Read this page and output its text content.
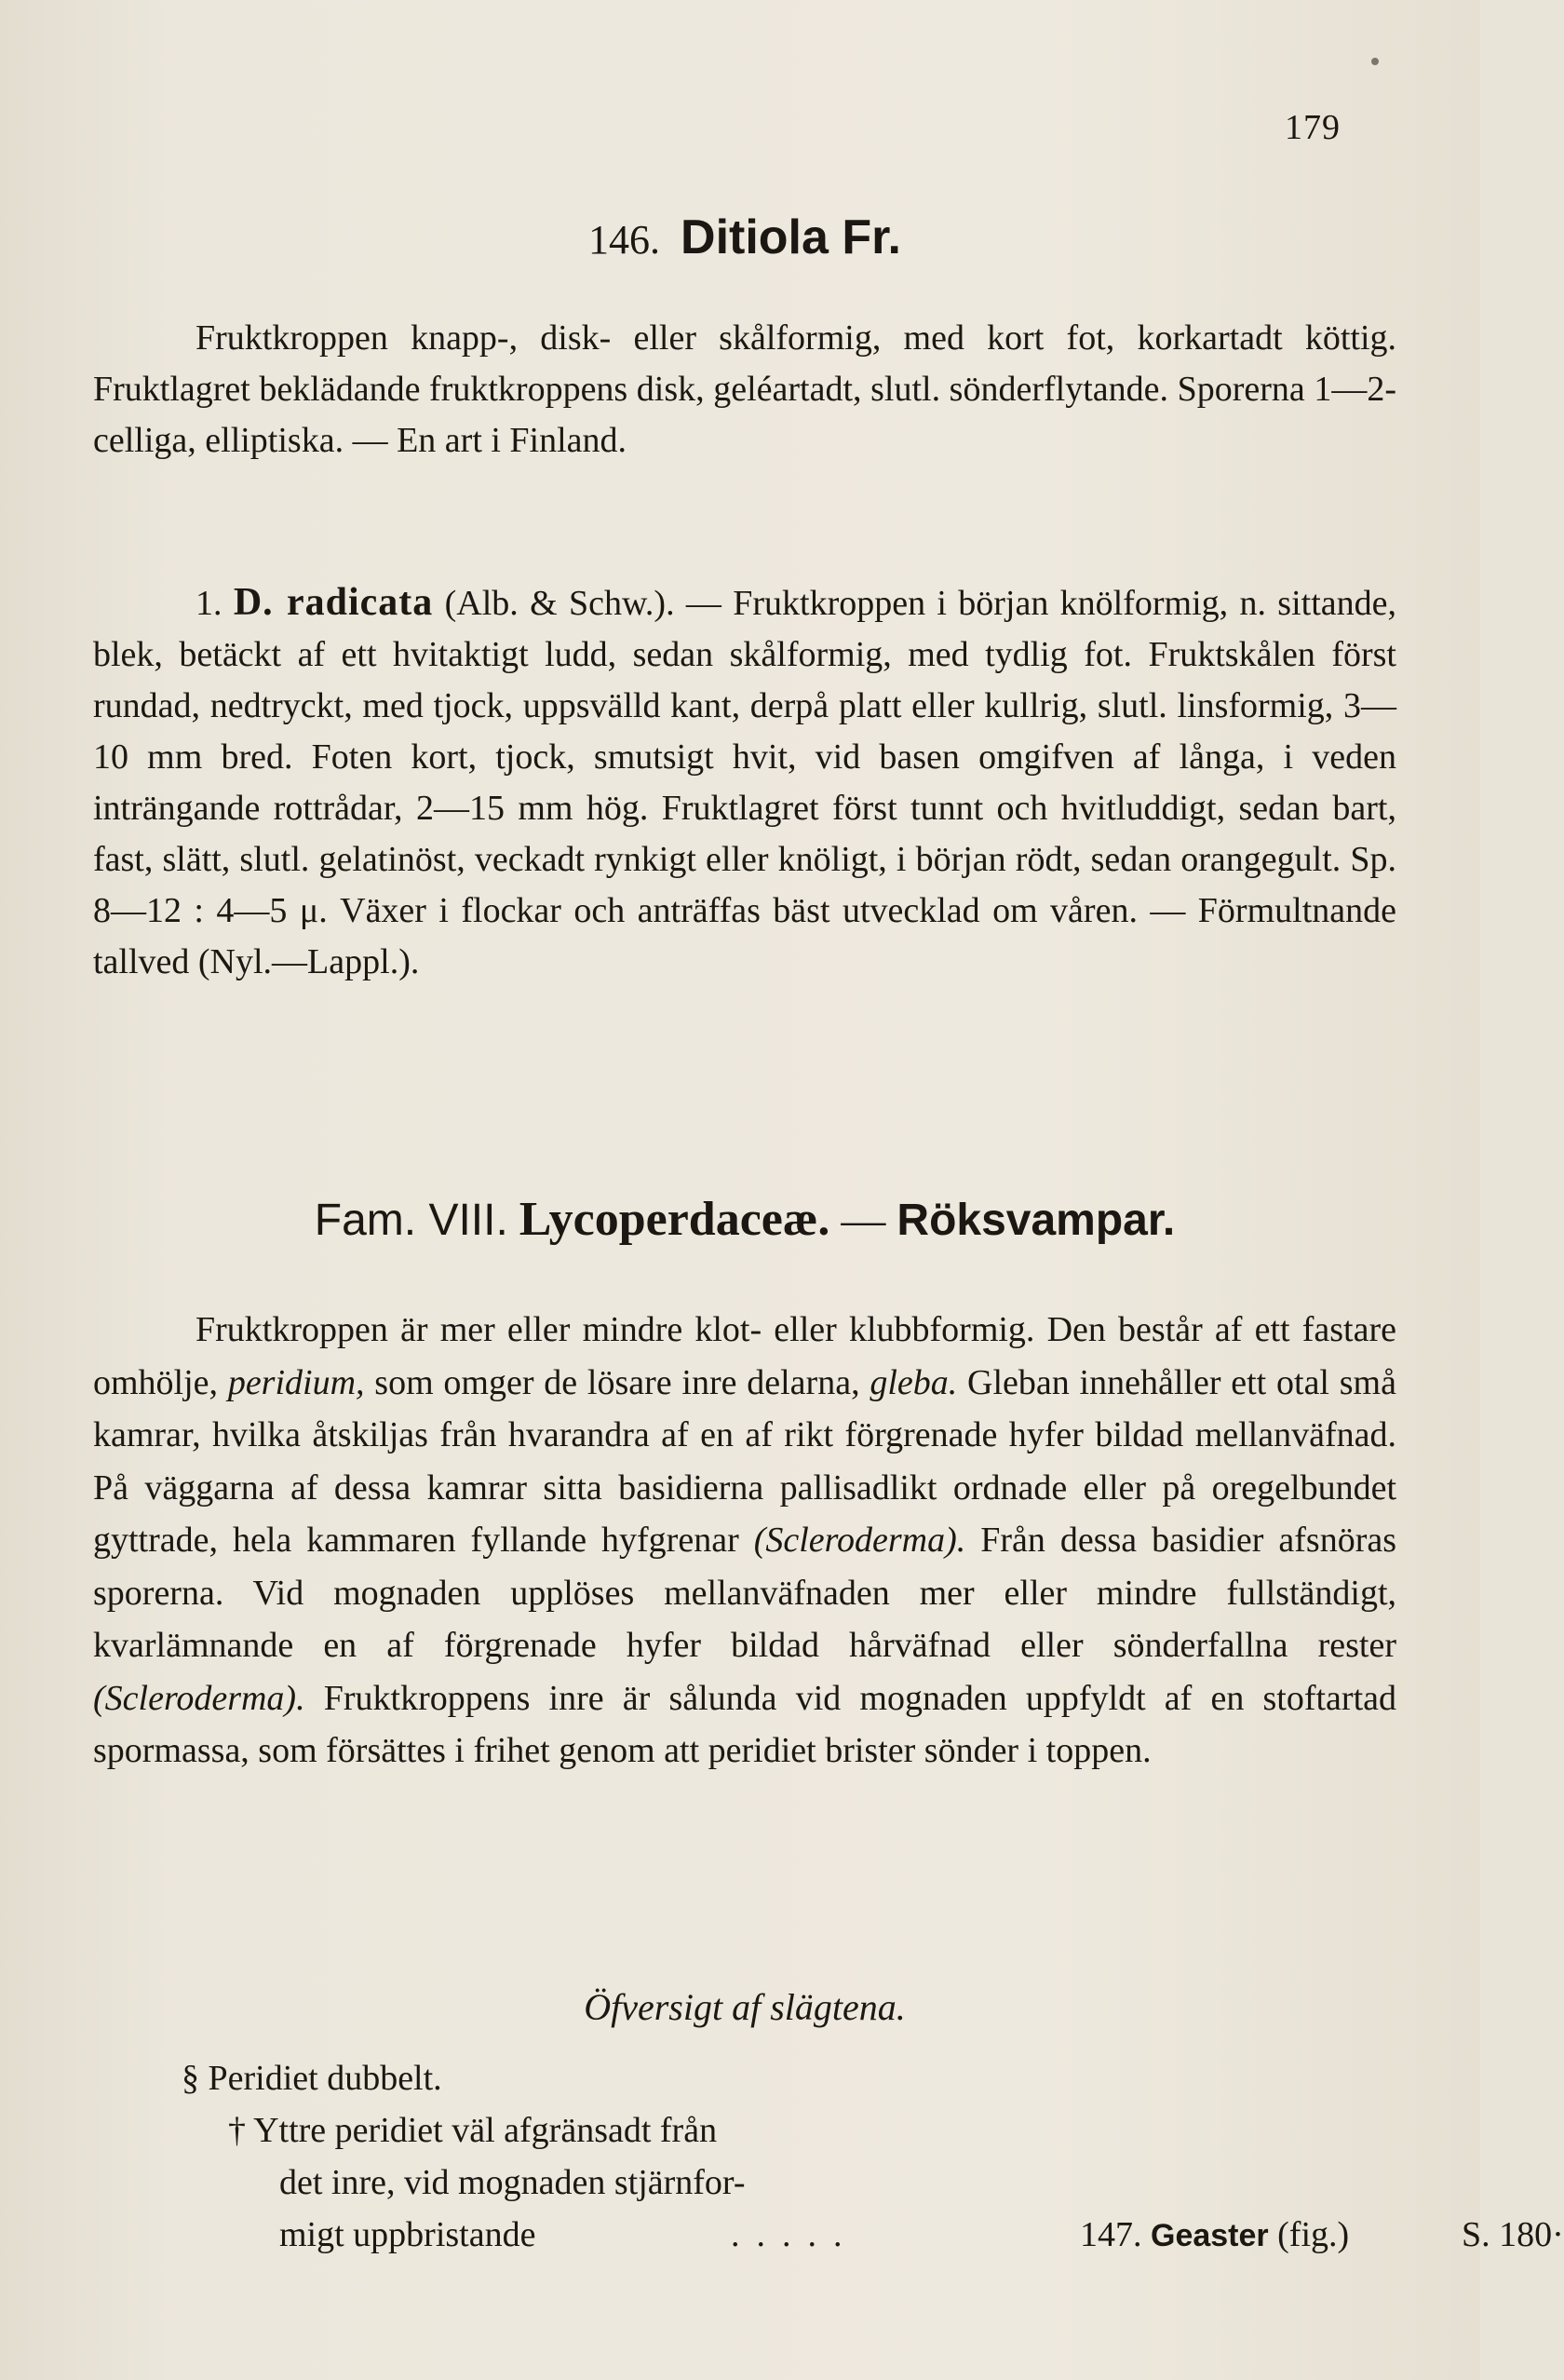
179
146. Ditiola Fr.

Fruktkroppen knapp-, disk- eller skålformig, med kort fot, korkartadt köttig. Fruktlagret beklädande fruktkroppens disk, geléartadt, slutl. sönderflytande. Sporerna 1—2-celliga, elliptiska. — En art i Finland.

1. D. radicata (Alb. & Schw.). — Fruktkroppen i början knölformig, n. sittande, blek, betäckt af ett hvitaktigt ludd, sedan skålformig, med tydlig fot. Fruktskålen först rundad, nedtryckt, med tjock, uppsvälld kant, derpå platt eller kullrig, slutl. linsformig, 3—10 mm bred. Foten kort, tjock, smutsigt hvit, vid basen omgifven af långa, i veden inträngande rottrådar, 2—15 mm hög. Fruktlagret först tunnt och hvitluddigt, sedan bart, fast, slätt, slutl. gelatinöst, veckadt rynkigt eller knöligt, i början rödt, sedan orangegult. Sp. 8—12 : 4—5 μ. Växer i flockar och anträffas bäst utvecklad om våren. — Förmultnande tallved (Nyl.—Lappl.).

Fam. VIII. Lycoperdaceæ. — Röksvampar.

Fruktkroppen är mer eller mindre klot- eller klubbformig. Den består af ett fastare omhölje, peridium, som omger de lösare inre delarna, gleba. Gleban innehåller ett otal små kamrar, hvilka åtskiljas från hvarandra af en af rikt förgrenade hyfer bildad mellanväfnad. På väggarna af dessa kamrar sitta basidierna pallisadlikt ordnade eller på oregelbundet gyttrade, hela kammaren fyllande hyfgrenar (Scleroderma). Från dessa basidier afsnöras sporerna. Vid mognaden upplöses mellanväfnaden mer eller mindre fullständigt, kvarlämnande en af förgrenade hyfer bildad hårväfnad eller sönderfallna rester (Scleroderma). Fruktkroppens inre är sålunda vid mognaden uppfyldt af en stoftartad spormassa, som försättes i frihet genom att peridiet brister sönder i toppen.

Öfversigt af slägtena.
§ Peridiet dubbelt.
† Yttre peridiet väl afgränsadt från
det inre, vid mognaden stjärnfor-
migt uppbristande	.....	147. Geaster (fig.)	S. 180·
